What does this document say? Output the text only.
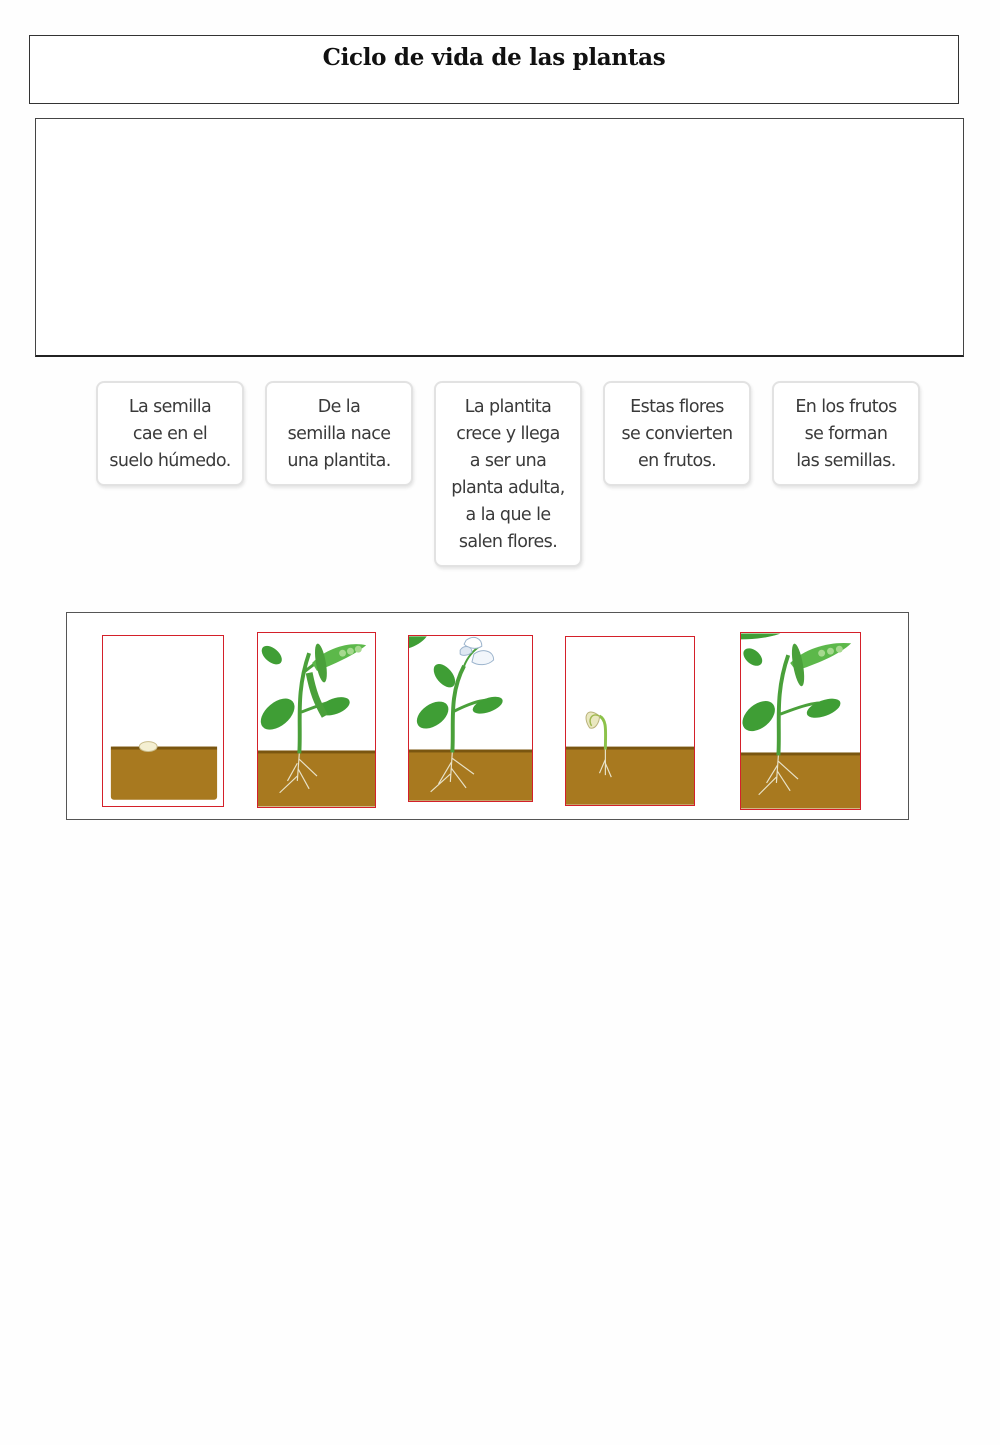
Ciclo de vida de las plantas
La semilla
cae en el
suelo húmedo.
De la
semilla nace
una plantita.
La plantita
crece y llega
a ser una
planta adulta,
a la que le
salen flores.
Estas flores
se convierten
en frutos.
En los frutos
se forman
las semillas.
